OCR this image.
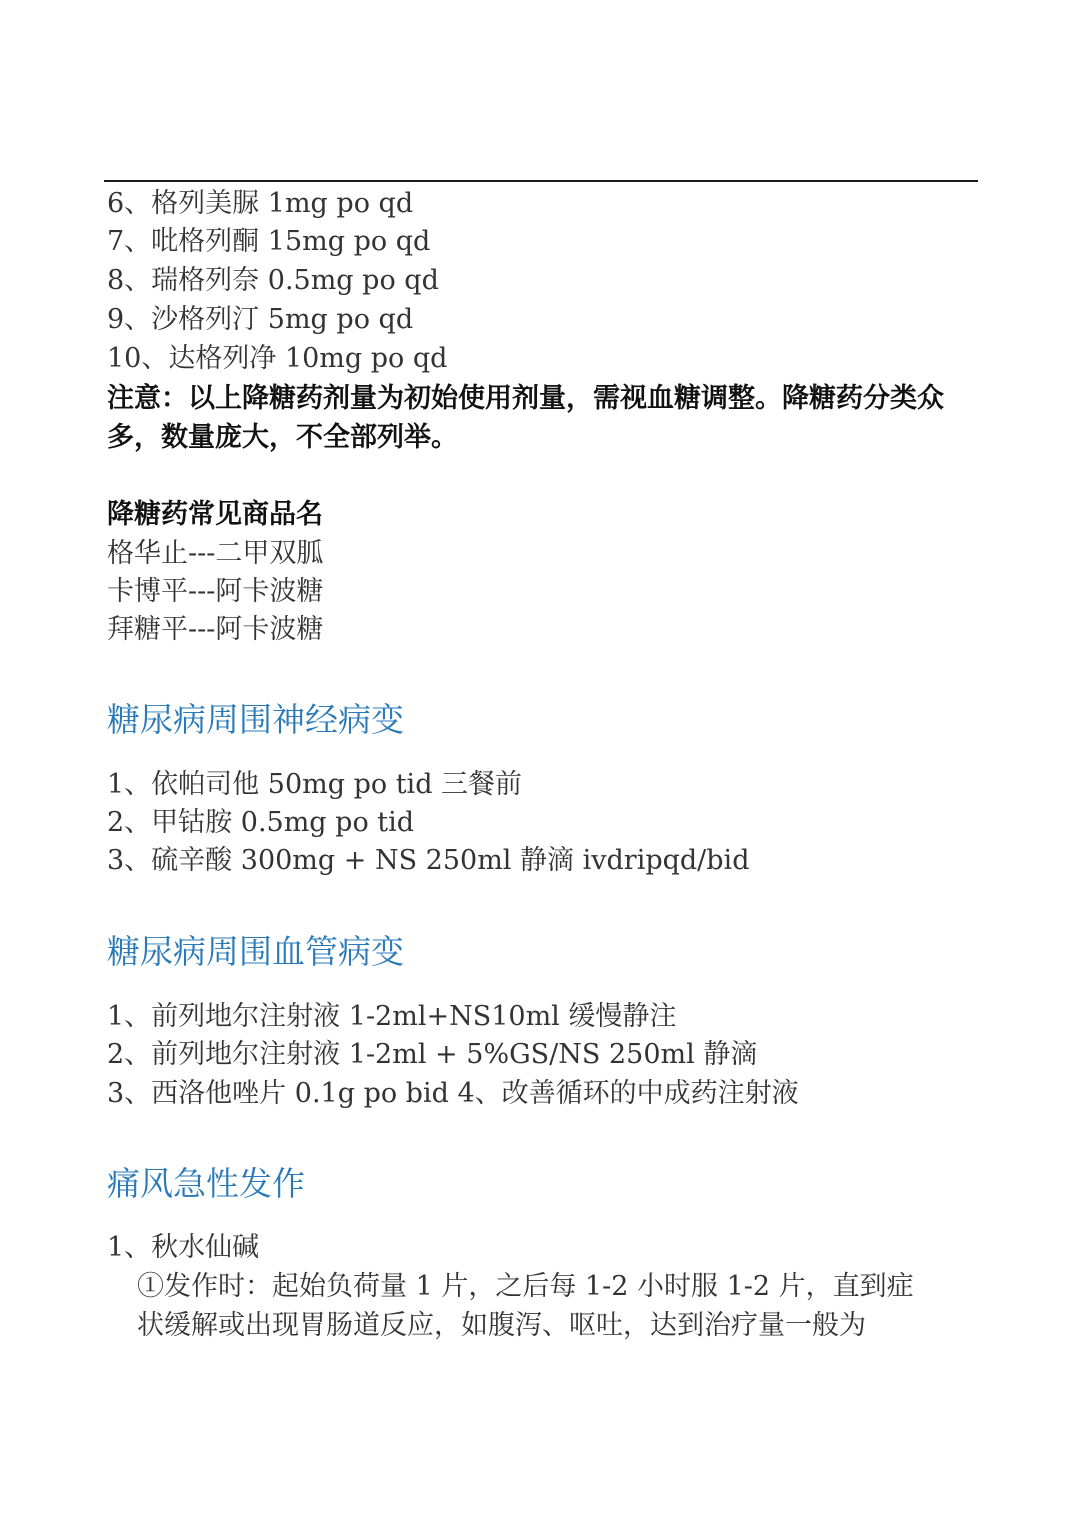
6、格列美脲 1mg po qd
7、吡格列酮 15mg po qd
8、瑞格列奈 0.5mg po qd
9、沙格列汀 5mg po qd
10、达格列净 10mg po qd
注意：以上降糖药剂量为初始使用剂量，需视血糖调整。降糖药分类众多，数量庞大，不全部列举。
降糖药常见商品名
格华止---二甲双胍
卡博平---阿卡波糖
拜糖平---阿卡波糖
糖尿病周围神经病变
1、依帕司他 50mg po tid 三餐前
2、甲钴胺 0.5mg po tid
3、硫辛酸 300mg + NS 250ml 静滴 ivdripqd/bid
糖尿病周围血管病变
1、前列地尔注射液 1-2ml+NS10ml 缓慢静注
2、前列地尔注射液 1-2ml + 5%GS/NS 250ml 静滴
3、西洛他唑片 0.1g po bid 4、改善循环的中成药注射液
痛风急性发作
1、秋水仙碱
①发作时：起始负荷量 1 片，之后每 1-2 小时服 1-2 片，直到症
状缓解或出现胃肠道反应，如腹泻、呕吐，达到治疗量一般为
